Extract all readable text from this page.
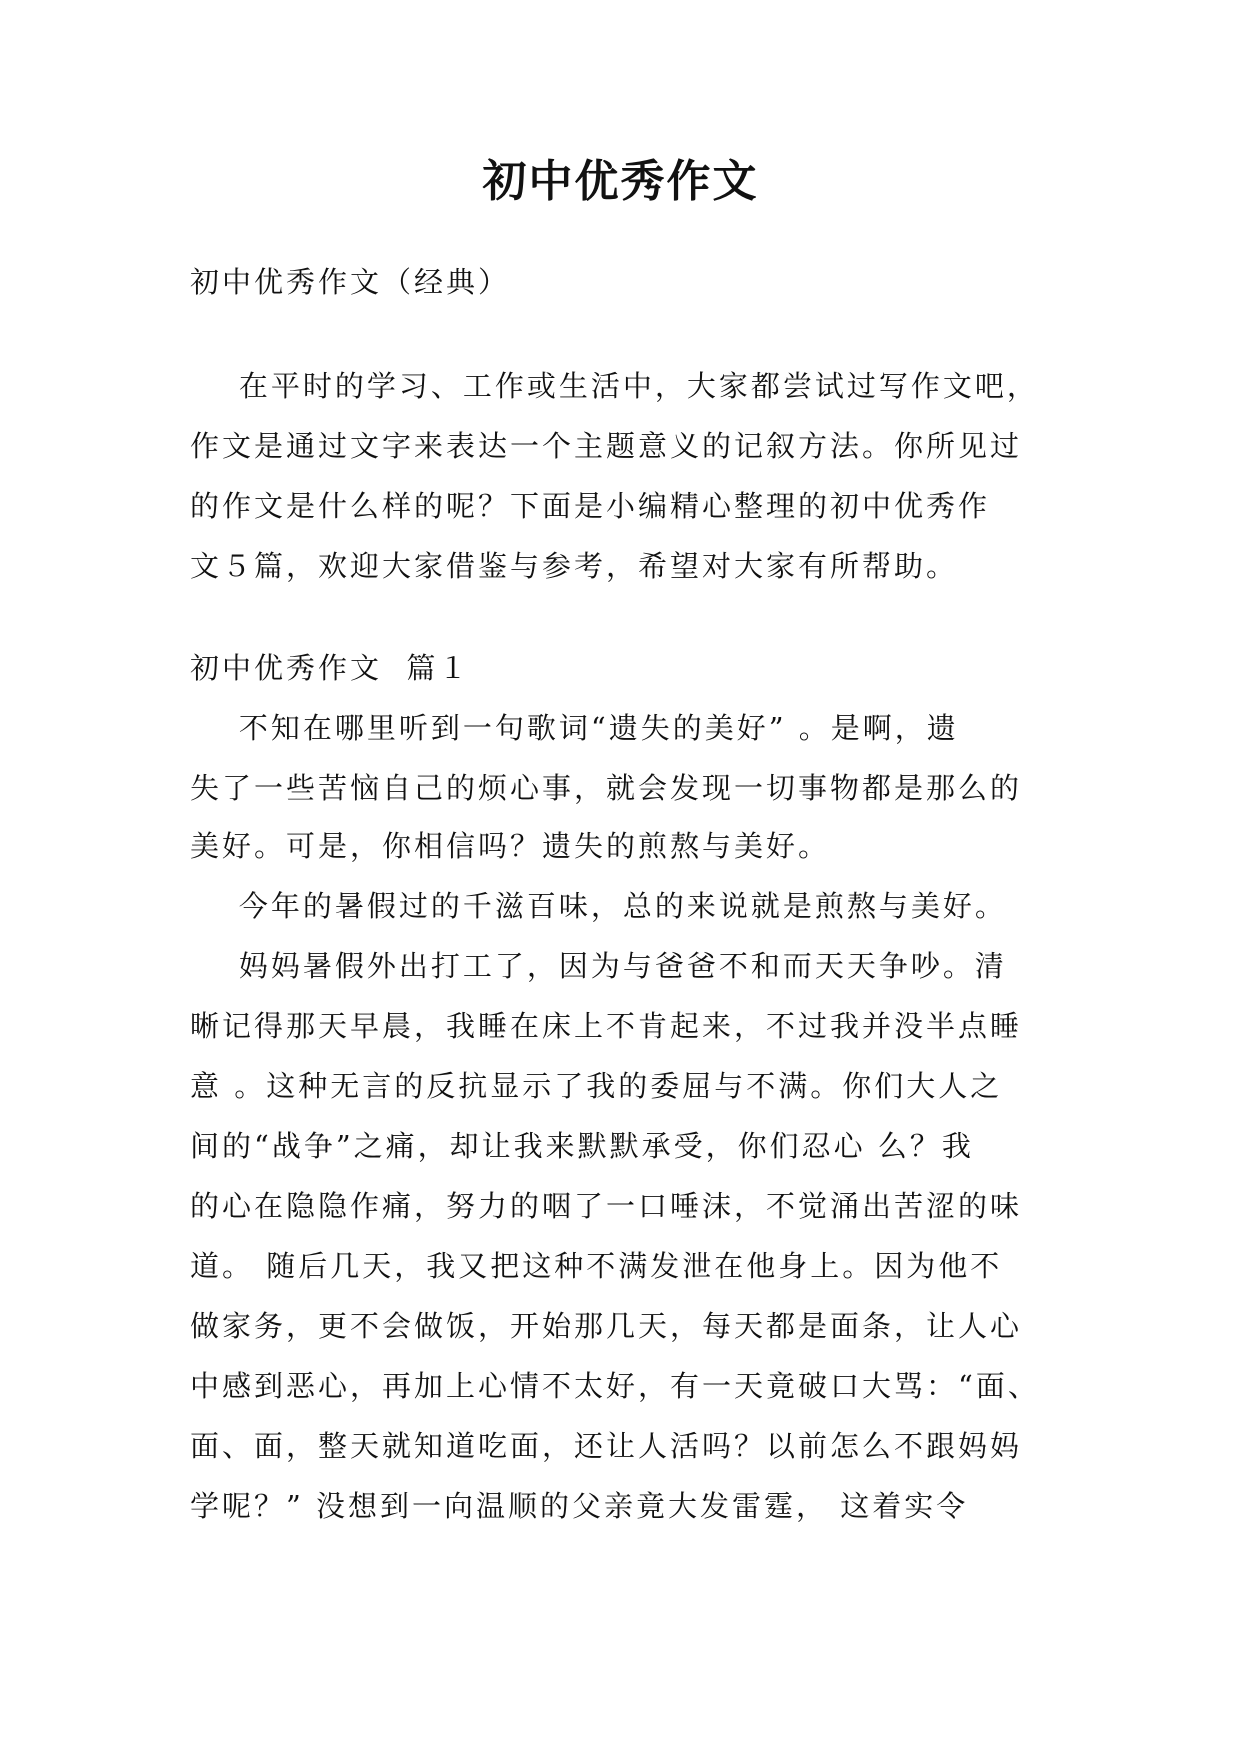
初中优秀作文
初中优秀作文（经典）
在平时的学习、工作或生活中，大家都尝试过写作文吧，
作文是通过文字来表达一个主题意义的记叙方法。你所见过
的作文是什么样的呢？下面是小编精心整理的初中优秀作
文５篇，欢迎大家借鉴与参考，希望对大家有所帮助。
初中优秀作文  篇１
不知在哪里听到一句歌词“遗失的美好” 。是啊，遗
失了一些苦恼自己的烦心事，就会发现一切事物都是那么的
美好。可是，你相信吗？遗失的煎熬与美好。
今年的暑假过的千滋百味，总的来说就是煎熬与美好。
妈妈暑假外出打工了，因为与爸爸不和而天天争吵。清
晰记得那天早晨，我睡在床上不肯起来，不过我并没半点睡
意 。这种无言的反抗显示了我的委屈与不满。你们大人之
间的“战争”之痛，却让我来默默承受，你们忍心 么？我
的心在隐隐作痛，努力的咽了一口唾沫，不觉涌出苦涩的味
道。 随后几天，我又把这种不满发泄在他身上。因为他不
做家务，更不会做饭，开始那几天，每天都是面条，让人心
中感到恶心，再加上心情不太好，有一天竟破口大骂：“面、
面、面，整天就知道吃面，还让人活吗？以前怎么不跟妈妈
学呢？” 没想到一向温顺的父亲竟大发雷霆， 这着实令
